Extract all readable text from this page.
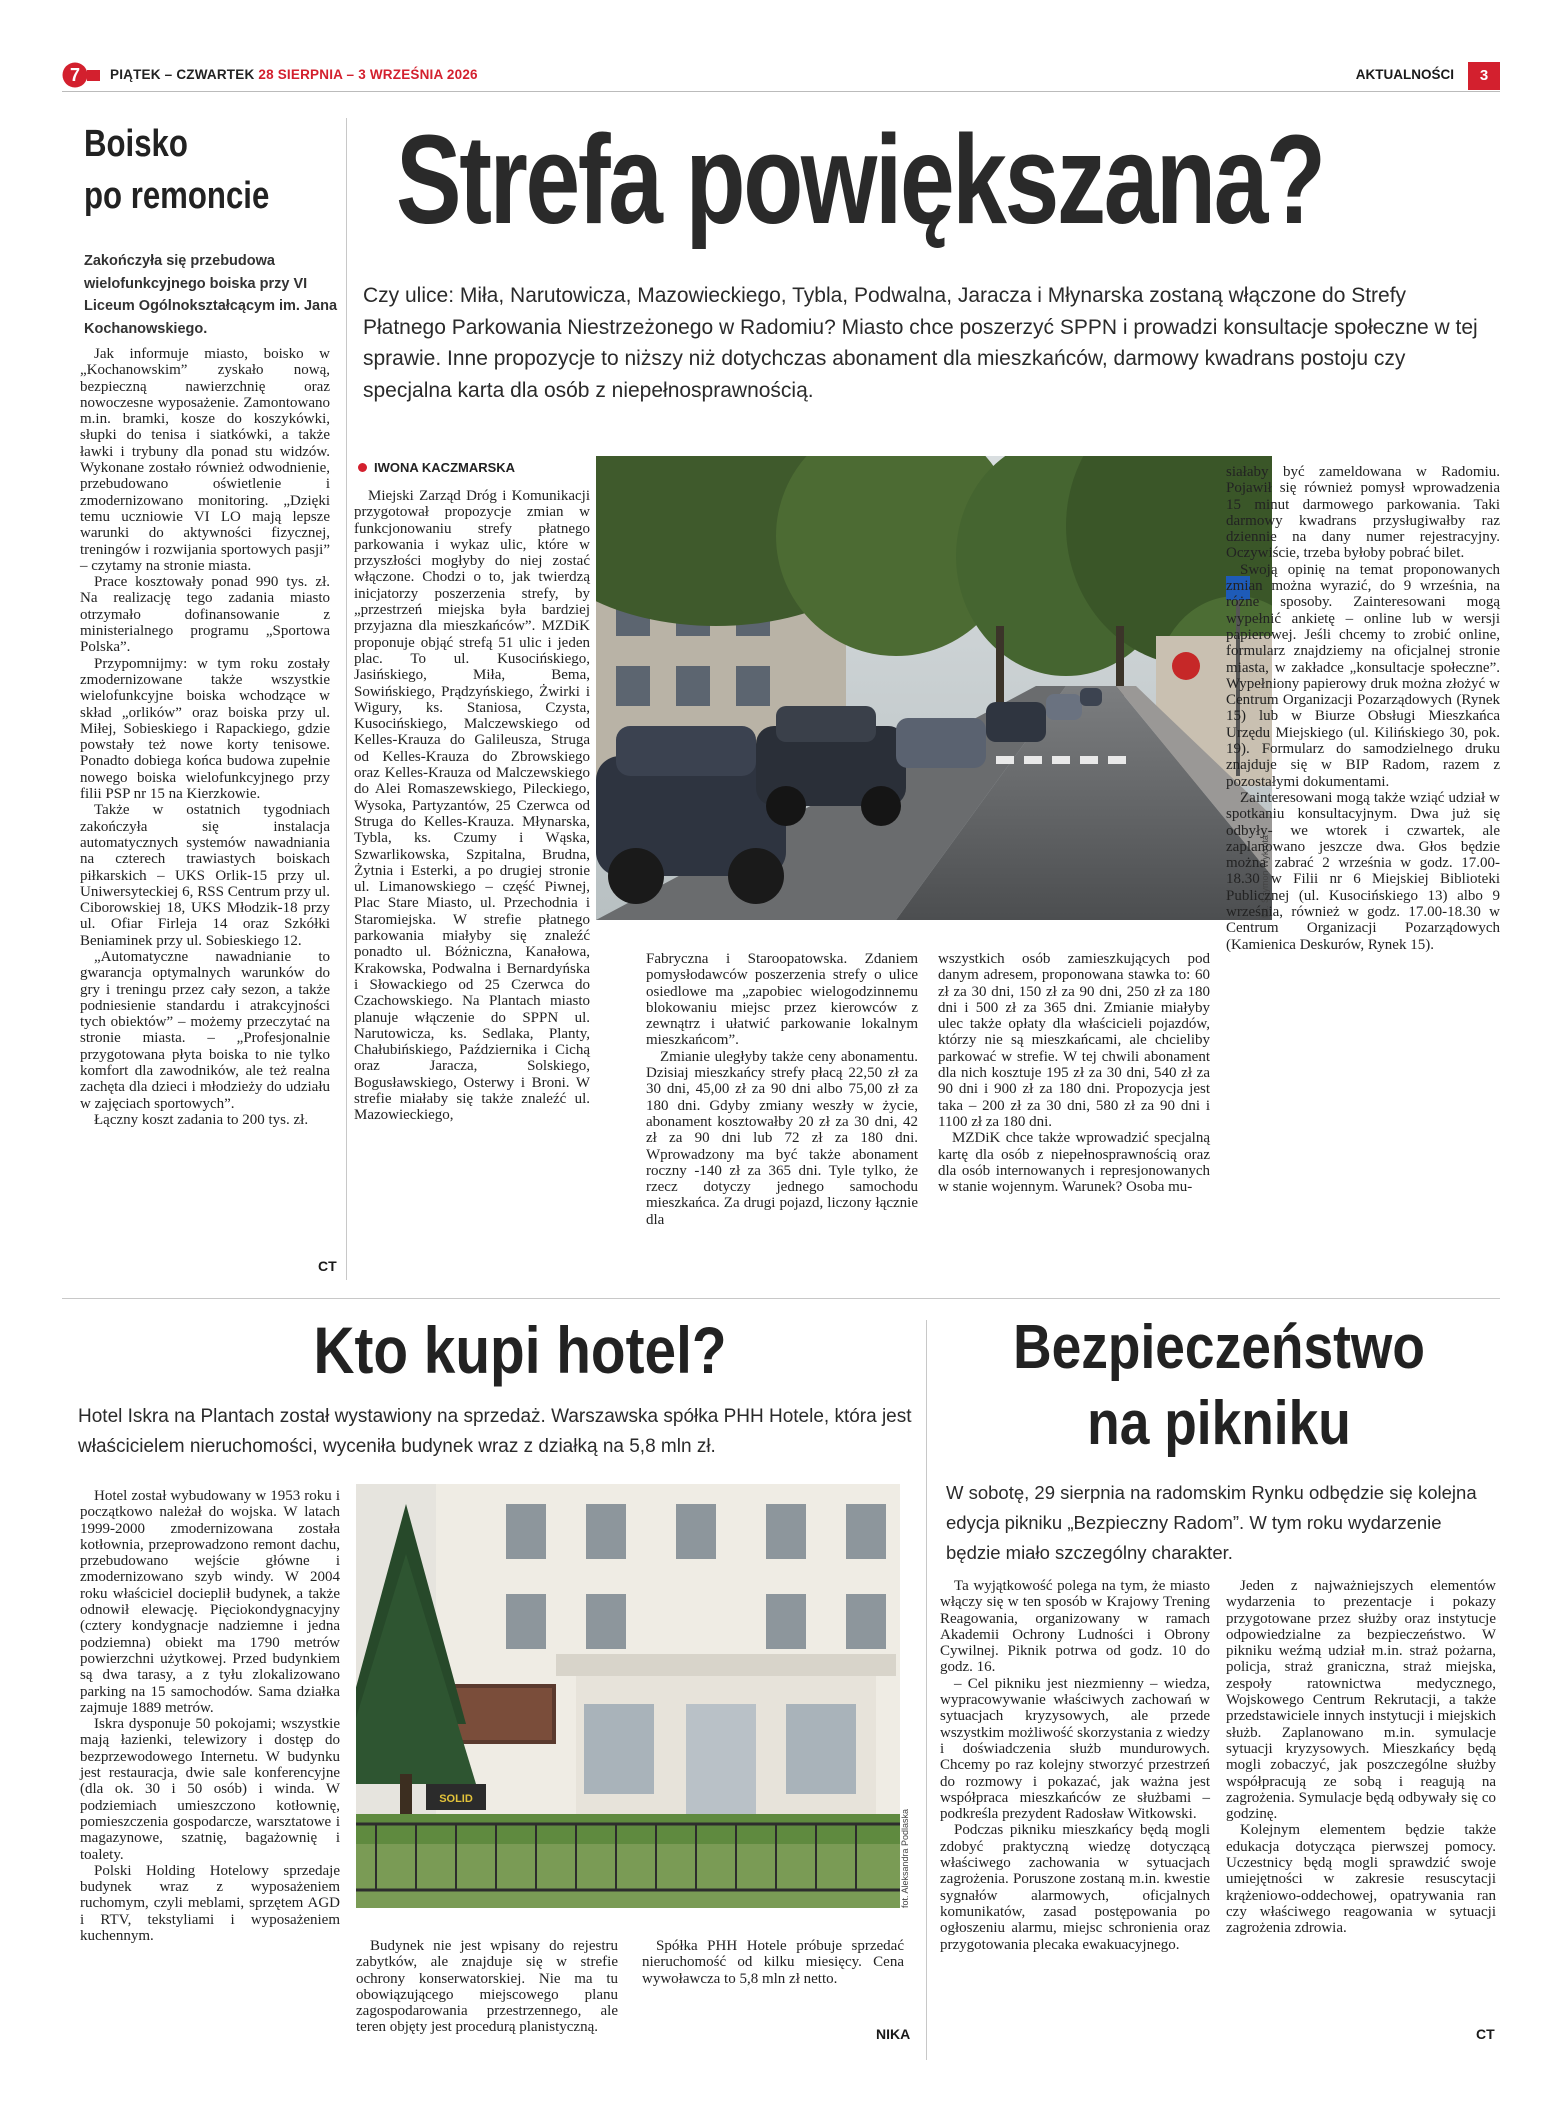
7 PIĄTEK – CZWARTEK 28 SIERPNIA – 3 WRZEŚNIA 2026	AKTUALNOŚCI	3
Boisko
po remoncie
Zakończyła się przebudowa wielofunkcyjnego boiska przy VI Liceum Ogólnokształcącym im. Jana Kochanowskiego.

Jak informuje miasto, boisko w „Kochanowskim” zyskało nową, bezpieczną nawierzchnię oraz nowoczesne wyposażenie. Zamontowano m.in. bramki, kosze do koszykówki, słupki do tenisa i siatkówki, a także ławki i trybuny dla ponad stu widzów. Wykonane zostało również odwodnienie, przebudowano oświetlenie i zmodernizowano monitoring. „Dzięki temu uczniowie VI LO mają lepsze warunki do aktywności fizycznej, treningów i rozwijania sportowych pasji” – czytamy na stronie miasta.

Prace kosztowały ponad 990 tys. zł. Na realizację tego zadania miasto otrzymało dofinansowanie z ministerialnego programu „Sportowa Polska”.

Przypomnijmy: w tym roku zostały zmodernizowane także wszystkie wielofunkcyjne boiska wchodzące w skład „orlików” oraz boiska przy ul. Miłej, Sobieskiego i Rapackiego, gdzie powstały też nowe korty tenisowe. Ponadto dobiega końca budowa zupełnie nowego boiska wielofunkcyjnego przy filii PSP nr 15 na Kierzkowie.

Także w ostatnich tygodniach zakończyła się instalacja automatycznych systemów nawadniania na czterech trawiastych boiskach piłkarskich – UKS Orlik-15 przy ul. Uniwersyteckiej 6, RSS Centrum przy ul. Ciborowskiej 18, UKS Młodzik-18 przy ul. Ofiar Firleja 14 oraz Szkółki Beniaminek przy ul. Sobieskiego 12.

„Automatyczne nawadnianie to gwarancja optymalnych warunków do gry i treningu przez cały sezon, a także podniesienie standardu i atrakcyjności tych obiektów” – możemy przeczytać na stronie miasta. – „Profesjonalnie przygotowana płyta boiska to nie tylko komfort dla zawodników, ale też realna zachęta dla dzieci i młodzieży do udziału w zajęciach sportowych”.

Łączny koszt zadania to 200 tys. zł.

CT
Strefa powiększana?
Czy ulice: Miła, Narutowicza, Mazowieckiego, Tybla, Podwalna, Jaracza i Młynarska zostaną włączone do Strefy Płatnego Parkowania Niestrzeżonego w Radomiu? Miasto chce poszerzyć SPPN i prowadzi konsultacje społeczne w tej sprawie. Inne propozycje to niższy niż dotychczas abonament dla mieszkańców, darmowy kwadrans postoju czy specjalna karta dla osób z niepełnosprawnością.
IWONA KACZMARSKA

Miejski Zarząd Dróg i Komunikacji przygotował propozycje zmian w funkcjonowaniu strefy płatnego parkowania i wykaz ulic, które w przyszłości mogłyby do niej zostać włączone. Chodzi o to, jak twierdzą inicjatorzy poszerzenia strefy, by „przestrzeń miejska była bardziej przyjazna dla mieszkańców”. MZDiK proponuje objąć strefą 51 ulic i jeden plac. To ul. Kusocińskiego, Jasińskiego, Miła, Bema, Sowińskiego, Prądzyńskiego, Żwirki i Wigury, ks. Staniosa, Czysta, Kusocińskiego, Malczewskiego od Kelles-Krauza do Galileusza, Struga od Kelles-Krauza do Zbrowskiego oraz Kelles-Krauza od Malczewskiego do Alei Romaszewskiego, Pileckiego, Wysoka, Partyzantów, 25 Czerwca od Struga do Kelles-Krauza. Młynarska, Tybla, ks. Czumy i Wąska, Szwarlikowska, Szpitalna, Brudna, Żytnia i Esterki, a po drugiej stronie ul. Limanowskiego – część Piwnej, Plac Stare Miasto, ul. Przechodnia i Staromiejska. W strefie płatnego parkowania miałyby się znaleźć ponadto ul. Bóżniczna, Kanałowa, Krakowska, Podwalna i Bernardyńska i Słowackiego od 25 Czerwca do Czachowskiego. Na Plantach miasto planuje włączenie do SPPN ul. Narutowicza, ks. Sedlaka, Planty, Chałubińskiego, Października i Cichą oraz Jaracza, Solskiego, Bogusławskiego, Osterwy i Broni. W strefie miałaby się także znaleźć ul. Mazowieckiego,

fot. Szymon Wykrota

Fabryczna i Staroopatowska. Zdaniem pomysłodawców poszerzenia strefy o ulice osiedlowe ma „zapobiec wielogodzinnemu blokowaniu miejsc przez kierowców z zewnątrz i ułatwić parkowanie lokalnym mieszkańcom”.

Zmianie uległyby także ceny abonamentu. Dzisiaj mieszkańcy strefy płacą 22,50 zł za 30 dni, 45,00 zł za 90 dni albo 75,00 zł za 180 dni. Gdyby zmiany weszły w życie, abonament kosztowałby 20 zł za 30 dni, 42 zł za 90 dni lub 72 zł za 180 dni. Wprowadzony ma być także abonament roczny -140 zł za 365 dni. Tyle tylko, że rzecz dotyczy jednego samochodu mieszkańca. Za drugi pojazd, liczony łącznie dla

wszystkich osób zamieszkujących pod danym adresem, proponowana stawka to: 60 zł za 30 dni, 150 zł za 90 dni, 250 zł za 180 dni i 500 zł za 365 dni. Zmianie miałyby ulec także opłaty dla właścicieli pojazdów, którzy nie są mieszkańcami, ale chcieliby parkować w strefie. W tej chwili abonament dla nich kosztuje 195 zł za 30 dni, 540 zł za 90 dni i 900 zł za 180 dni. Propozycja jest taka – 200 zł za 30 dni, 580 zł za 90 dni i 1100 zł za 180 dni.

MZDiK chce także wprowadzić specjalną kartę dla osób z niepełnosprawnością oraz dla osób internowanych i represjonowanych w stanie wojennym. Warunek? Osoba mu-

siałaby być zameldowana w Radomiu. Pojawił się również pomysł wprowadzenia 15 minut darmowego parkowania. Taki darmowy kwadrans przysługiwałby raz dziennie na dany numer rejestracyjny. Oczywiście, trzeba byłoby pobrać bilet.

Swoją opinię na temat proponowanych zmian można wyrazić, do 9 września, na różne sposoby. Zainteresowani mogą wypełnić ankietę – online lub w wersji papierowej. Jeśli chcemy to zrobić online, formularz znajdziemy na oficjalnej stronie miasta, w zakładce „konsultacje społeczne”. Wypełniony papierowy druk można złożyć w Centrum Organizacji Pozarządowych (Rynek 15) lub w Biurze Obsługi Mieszkańca Urzędu Miejskiego (ul. Kilińskiego 30, pok. 19). Formularz do samodzielnego druku znajduje się w BIP Radom, razem z pozostałymi dokumentami.

Zainteresowani mogą także wziąć udział w spotkaniu konsultacyjnym. Dwa już się odbyły- we wtorek i czwartek, ale zaplanowano jeszcze dwa. Głos będzie można zabrać 2 września w godz. 17.00-18.30 w Filii nr 6 Miejskiej Biblioteki Publicznej (ul. Kusocińskiego 13) albo 9 września, również w godz. 17.00-18.30 w Centrum Organizacji Pozarządowych (Kamienica Deskurów, Rynek 15).

Kto kupi hotel?
Hotel Iskra na Plantach został wystawiony na sprzedaż. Warszawska spółka PHH Hotele, która jest właścicielem nieruchomości, wyceniła budynek wraz z działką na 5,8 mln zł.

Hotel został wybudowany w 1953 roku i początkowo należał do wojska. W latach 1999-2000 zmodernizowana została kotłownia, przeprowadzono remont dachu, przebudowano wejście główne i zmodernizowano szyb windy. W 2004 roku właściciel docieplił budynek, a także odnowił elewację. Pięciokondygnacyjny (cztery kondygnacje nadziemne i jedna podziemna) obiekt ma 1790 metrów powierzchni użytkowej. Przed budynkiem są dwa tarasy, a z tyłu zlokalizowano parking na 15 samochodów. Sama działka zajmuje 1889 metrów.

Iskra dysponuje 50 pokojami; wszystkie mają łazienki, telewizory i dostęp do bezprzewodowego Internetu. W budynku jest restauracja, dwie sale konferencyjne (dla ok. 30 i 50 osób) i winda. W podziemiach umieszczono kotłownię, pomieszczenia gospodarcze, warsztatowe i magazynowe, szatnię, bagażownię i toalety.

Polski Holding Hotelowy sprzedaje budynek wraz z wyposażeniem ruchomym, czyli meblami, sprzętem AGD i RTV, tekstyliami i wyposażeniem kuchennym.

SOLID
fot. Aleksandra Podlaska

Budynek nie jest wpisany do rejestru zabytków, ale znajduje się w strefie ochrony konserwatorskiej. Nie ma tu obowiązującego miejscowego planu zagospodarowania przestrzennego, ale teren objęty jest procedurą planistyczną.

Spółka PHH Hotele próbuje sprzedać nieruchomość od kilku miesięcy. Cena wywoławcza to 5,8 mln zł netto.

NIKA
Bezpieczeństwo
na pikniku
W sobotę, 29 sierpnia na radomskim Rynku odbędzie się kolejna edycja pikniku „Bezpieczny Radom”. W tym roku wydarzenie będzie miało szczególny charakter.

Ta wyjątkowość polega na tym, że miasto włączy się w ten sposób w Krajowy Trening Reagowania, organizowany w ramach Akademii Ochrony Ludności i Obrony Cywilnej. Piknik potrwa od godz. 10 do godz. 16.

– Cel pikniku jest niezmienny – wiedza, wypracowywanie właściwych zachowań w sytuacjach kryzysowych, ale przede wszystkim możliwość skorzystania z wiedzy i doświadczenia służb mundurowych. Chcemy po raz kolejny stworzyć przestrzeń do rozmowy i pokazać, jak ważna jest współpraca mieszkańców ze służbami – podkreśla prezydent Radosław Witkowski.

Podczas pikniku mieszkańcy będą mogli zdobyć praktyczną wiedzę dotyczącą właściwego zachowania w sytuacjach zagrożenia. Poruszone zostaną m.in. kwestie sygnałów alarmowych, oficjalnych komunikatów, zasad postępowania po ogłoszeniu alarmu, miejsc schronienia oraz przygotowania plecaka ewakuacyjnego.

Jeden z najważniejszych elementów wydarzenia to prezentacje i pokazy przygotowane przez służby oraz instytucje odpowiedzialne za bezpieczeństwo. W pikniku weźmą udział m.in. straż pożarna, policja, straż graniczna, straż miejska, zespoły ratownictwa medycznego, Wojskowego Centrum Rekrutacji, a także przedstawiciele innych instytucji i miejskich służb. Zaplanowano m.in. symulacje sytuacji kryzysowych. Mieszkańcy będą mogli zobaczyć, jak poszczególne służby współpracują ze sobą i reagują na zagrożenia. Symulacje będą odbywały się co godzinę.

Kolejnym elementem będzie także edukacja dotycząca pierwszej pomocy. Uczestnicy będą mogli sprawdzić swoje umiejętności w zakresie resuscytacji krążeniowo-oddechowej, opatrywania ran czy właściwego reagowania w sytuacji zagrożenia zdrowia.

CT
